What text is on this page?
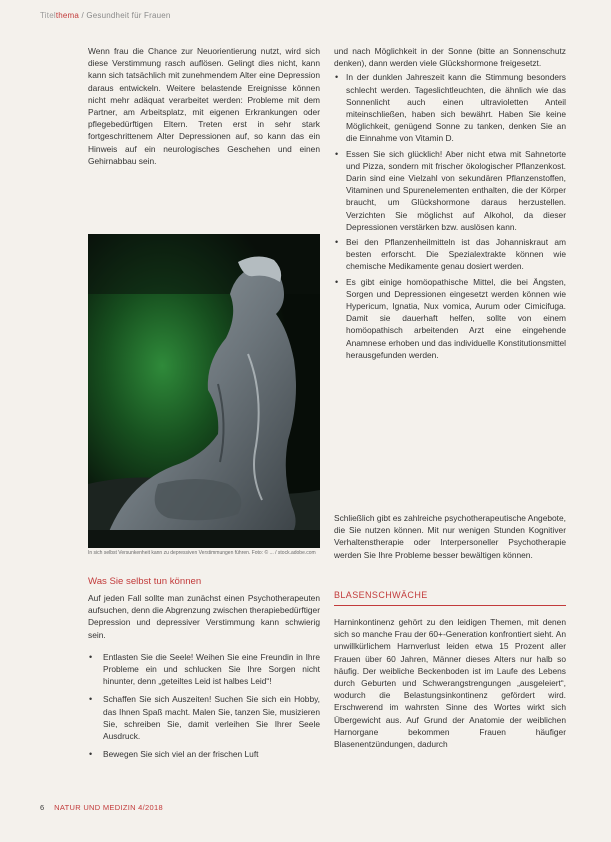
Titelthema / Gesundheit für Frauen

Wenn frau die Chance zur Neuorientierung nutzt, wird sich diese Verstimmung rasch auflösen. Gelingt dies nicht, kann kann sich tatsächlich mit zunehmendem Alter eine Depression daraus entwickeln. Weitere belastende Ereignisse können nicht mehr adäquat verarbeitet werden: Probleme mit dem Partner, am Arbeitsplatz, mit eigenen Erkrankungen oder pflegebedürftigen Eltern. Treten erst in sehr stark fortgeschrittenem Alter Depressionen auf, so kann das ein Hinweis auf ein neurologisches Geschehen und einen Gehirnabbau sein.

In sich selbst Versunkenheit kann zu depressiven Verstimmungen führen. Foto: © ... / stock.adobe.com
Was Sie selbst tun können

Auf jeden Fall sollte man zunächst einen Psychotherapeuten aufsuchen, denn die Abgrenzung zwischen therapiebedürftiger Depression und depressiver Verstimmung kann schwierig sein.

• Entlasten Sie die Seele! Weihen Sie eine Freundin in Ihre Probleme ein und schlucken Sie Ihre Sorgen nicht hinunter, denn „geteiltes Leid ist halbes Leid“!
• Schaffen Sie sich Auszeiten! Suchen Sie sich ein Hobby, das Ihnen Spaß macht. Malen Sie, tanzen Sie, musizieren Sie, schreiben Sie, damit verleihen Sie Ihrer Seele Ausdruck.
• Bewegen Sie sich viel an der frischen Luft

und nach Möglichkeit in der Sonne (bitte an Sonnenschutz denken), dann werden viele Glückshormone freigesetzt.

• In der dunklen Jahreszeit kann die Stimmung besonders schlecht werden. Tageslichtleuchten, die ähnlich wie das Sonnenlicht auch einen ultravioletten Anteil miteinschließen, haben sich bewährt. Haben Sie keine Möglichkeit, genügend Sonne zu tanken, denken Sie an die Einnahme von Vitamin D.
• Essen Sie sich glücklich! Aber nicht etwa mit Sahnetorte und Pizza, sondern mit frischer ökologischer Pflanzenkost. Darin sind eine Vielzahl von sekundären Pflanzenstoffen, Vitaminen und Spurenelementen enthalten, die der Körper braucht, um Glückshormone daraus herzustellen. Verzichten Sie möglichst auf Alkohol, da dieser Depressionen verstärken bzw. auslösen kann.
• Bei den Pflanzenheilmitteln ist das Johanniskraut am besten erforscht. Die Spezialextrakte können wie chemische Medikamente genau dosiert werden.
• Es gibt einige homöopathische Mittel, die bei Ängsten, Sorgen und Depressionen eingesetzt werden können wie Hypericum, Ignatia, Nux vomica, Aurum oder Cimicifuga. Damit sie dauerhaft helfen, sollte von einem homöopathisch arbeitenden Arzt eine eingehende Anamnese erhoben und das individuelle Konstitutionsmittel herausgefunden werden.

Schließlich gibt es zahlreiche psychotherapeutische Angebote, die Sie nutzen können. Mit nur wenigen Stunden Kognitiver Verhaltenstherapie oder Interpersoneller Psychotherapie werden Sie Ihre Probleme besser bewältigen können.

BLASENSCHWÄCHE

Harninkontinenz gehört zu den leidigen Themen, mit denen sich so manche Frau der 60+-Generation konfrontiert sieht. An unwillkürlichem Harnverlust leiden etwa 15 Prozent aller Frauen über 60 Jahren, Männer dieses Alters nur halb so häufig. Der weibliche Beckenboden ist im Laufe des Lebens durch Geburten und Schwerangstrengungen „ausgeleiert“, wodurch die Belastungsinkontinenz gefördert wird. Erschwerend im wahrsten Sinne des Wortes wirkt sich Übergewicht aus. Auf Grund der Anatomie der weiblichen Harnorgane bekommen Frauen häufiger Blasenentzündungen, dadurch

6 NATUR UND MEDIZIN 4/2018
